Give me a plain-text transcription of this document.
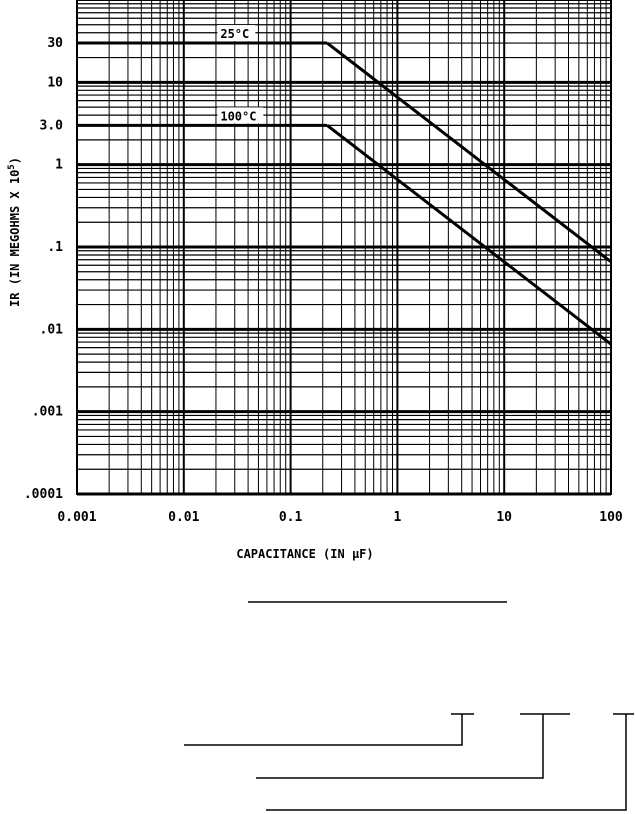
25°C
100°C
0.001	0.01	0.1	1	10	100
30
10
3.0
1
.1
.01
.001
.0001
CAPACITANCE (IN µF)
IR (IN MEGOHMS X $10^5$)
